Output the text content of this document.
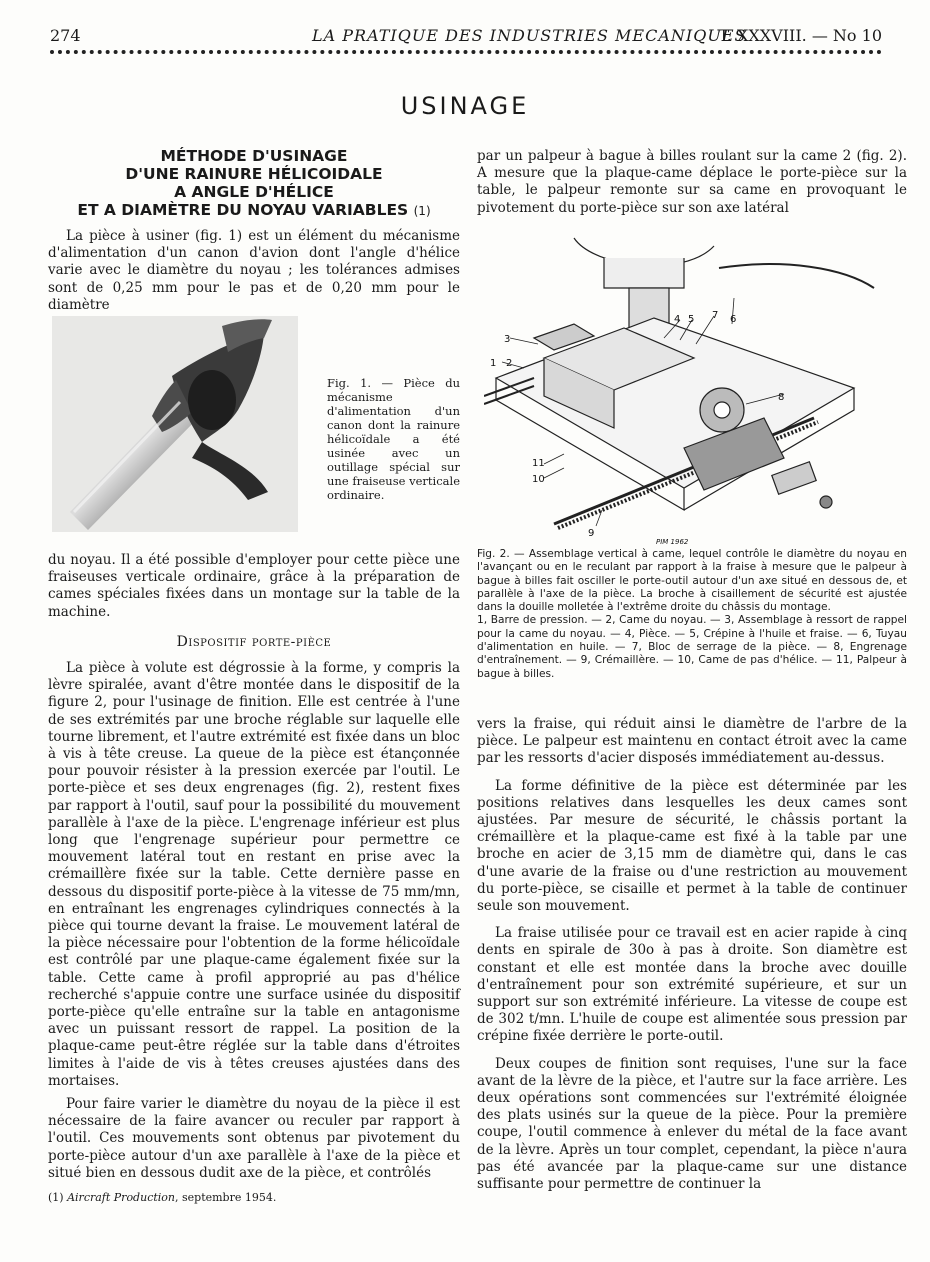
274	LA PRATIQUE DES INDUSTRIES MECANIQUES
T. XXXVIII. — No 10
USINAGE
MÉTHODE D'USINAGE
D'UNE RAINURE HÉLICOIDALE
A ANGLE D'HÉLICE
ET A DIAMÈTRE DU NOYAU VARIABLES (1)

La pièce à usiner (fig. 1) est un élément du mécanisme d'alimentation d'un canon d'avion dont l'angle d'hélice varie avec le diamètre du noyau ; les tolérances admises sont de 0,25 mm pour le pas et de 0,20 mm pour le diamètre

Fig. 1. — Pièce du mécanisme d'alimentation d'un canon dont la rainure hélicoïdale a été usinée avec un outillage spécial sur une fraiseuse verticale ordinaire.

du noyau. Il a été possible d'employer pour cette pièce une fraiseuses verticale ordinaire, grâce à la préparation de cames spéciales fixées dans un montage sur la table de la machine.

Dispositif porte-pièce

La pièce à volute est dégrossie à la forme, y compris la lèvre spiralée, avant d'être montée dans le dispositif de la figure 2, pour l'usinage de finition. Elle est centrée à l'une de ses extrémités par une broche réglable sur laquelle elle tourne librement, et l'autre extrémité est fixée dans un bloc à vis à tête creuse. La queue de la pièce est étançonnée pour pouvoir résister à la pression exercée par l'outil. Le porte-pièce et ses deux engrenages (fig. 2), restent fixes par rapport à l'outil, sauf pour la possibilité du mouvement parallèle à l'axe de la pièce. L'engrenage inférieur est plus long que l'engrenage supérieur pour permettre ce mouvement latéral tout en restant en prise avec la crémaillère fixée sur la table. Cette dernière passe en dessous du dispositif porte-pièce à la vitesse de 75 mm/mn, en entraînant les engrenages cylindriques connectés à la pièce qui tourne devant la fraise. Le mouvement latéral de la pièce nécessaire pour l'obtention de la forme hélicoïdale est contrôlé par une plaque-came également fixée sur la table. Cette came à profil approprié au pas d'hélice recherché s'appuie contre une surface usinée du dispositif porte-pièce qu'elle entraîne sur la table en antagonisme avec un puissant ressort de rappel. La position de la plaque-came peut-être réglée sur la table dans d'étroites limites à l'aide de vis à têtes creuses ajustées dans des mortaises.

Pour faire varier le diamètre du noyau de la pièce il est nécessaire de la faire avancer ou reculer par rapport à l'outil. Ces mouvements sont obtenus par pivotement du porte-pièce autour d'un axe parallèle à l'axe de la pièce et situé bien en dessous dudit axe de la pièce, et contrôlés

(1) Aircraft Production, septembre 1954.

par un palpeur à bague à billes roulant sur la came 2 (fig. 2). A mesure que la plaque-came déplace le porte-pièce sur la table, le palpeur remonte sur sa came en provoquant le pivotement du porte-pièce sur son axe latéral

1 2
3
4 5 7 6
8
9
10
11
PIM 1962

Fig. 2. — Assemblage vertical à came, lequel contrôle le diamètre du noyau en l'avançant ou en le reculant par rapport à la fraise à mesure que le palpeur à bague à billes fait osciller le porte-outil autour d'un axe situé en dessous de, et parallèle à l'axe de la pièce. La broche à cisaillement de sécurité est ajustée dans la douille molletée à l'extrême droite du châssis du montage.

1, Barre de pression. — 2, Came du noyau. — 3, Assemblage à ressort de rappel pour la came du noyau. — 4, Pièce. — 5, Crépine à l'huile et fraise. — 6, Tuyau d'alimentation en huile. — 7, Bloc de serrage de la pièce. — 8, Engrenage d'entraînement. — 9, Crémaillère. — 10, Came de pas d'hélice. — 11, Palpeur à bague à billes.

vers la fraise, qui réduit ainsi le diamètre de l'arbre de la pièce. Le palpeur est maintenu en contact étroit avec la came par les ressorts d'acier disposés immédiatement au-dessus.

La forme définitive de la pièce est déterminée par les positions relatives dans lesquelles les deux cames sont ajustées. Par mesure de sécurité, le châssis portant la crémaillère et la plaque-came est fixé à la table par une broche en acier de 3,15 mm de diamètre qui, dans le cas d'une avarie de la fraise ou d'une restriction au mouvement du porte-pièce, se cisaille et permet à la table de continuer seule son mouvement.

La fraise utilisée pour ce travail est en acier rapide à cinq dents en spirale de 30o à pas à droite. Son diamètre est constant et elle est montée dans la broche avec douille d'entraînement pour son extrémité supérieure, et sur un support sur son extrémité inférieure. La vitesse de coupe est de 302 t/mn. L'huile de coupe est alimentée sous pression par crépine fixée derrière le porte-outil.

Deux coupes de finition sont requises, l'une sur la face avant de la lèvre de la pièce, et l'autre sur la face arrière. Les deux opérations sont commencées sur l'extrémité éloignée des plats usinés sur la queue de la pièce. Pour la première coupe, l'outil commence à enlever du métal de la face avant de la lèvre. Après un tour complet, cependant, la pièce n'aura pas été avancée par la plaque-came sur une distance suffisante pour permettre de continuer la
